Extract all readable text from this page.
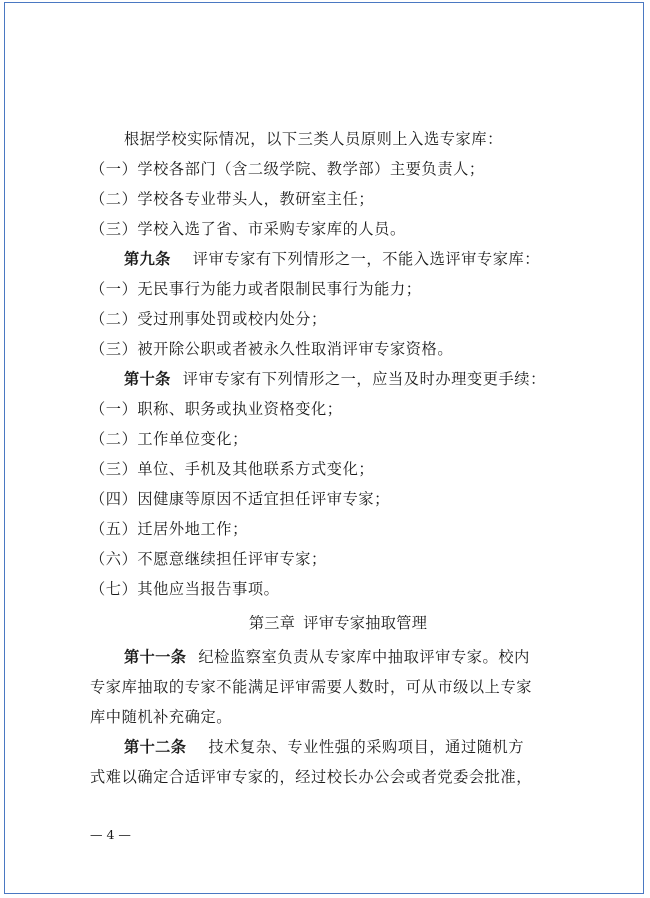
根据学校实际情况，以下三类人员原则上入选专家库：
（一）学校各部门（含二级学院、教学部）主要负责人；
（二）学校各专业带头人，教研室主任；
（三）学校入选了省、市采购专家库的人员。
第九条 评审专家有下列情形之一，不能入选评审专家库：
（一）无民事行为能力或者限制民事行为能力；
（二）受过刑事处罚或校内处分；
（三）被开除公职或者被永久性取消评审专家资格。
第十条 评审专家有下列情形之一，应当及时办理变更手续：
（一）职称、职务或执业资格变化；
（二）工作单位变化；
（三）单位、手机及其他联系方式变化；
（四）因健康等原因不适宜担任评审专家；
（五）迁居外地工作；
（六）不愿意继续担任评审专家；
（七）其他应当报告事项。
第三章 评审专家抽取管理
第十一条 纪检监察室负责从专家库中抽取评审专家。校内
专家库抽取的专家不能满足评审需要人数时，可从市级以上专家
库中随机补充确定。
第十二条 技术复杂、专业性强的采购项目，通过随机方
式难以确定合适评审专家的，经过校长办公会或者党委会批准，
— 4 —
